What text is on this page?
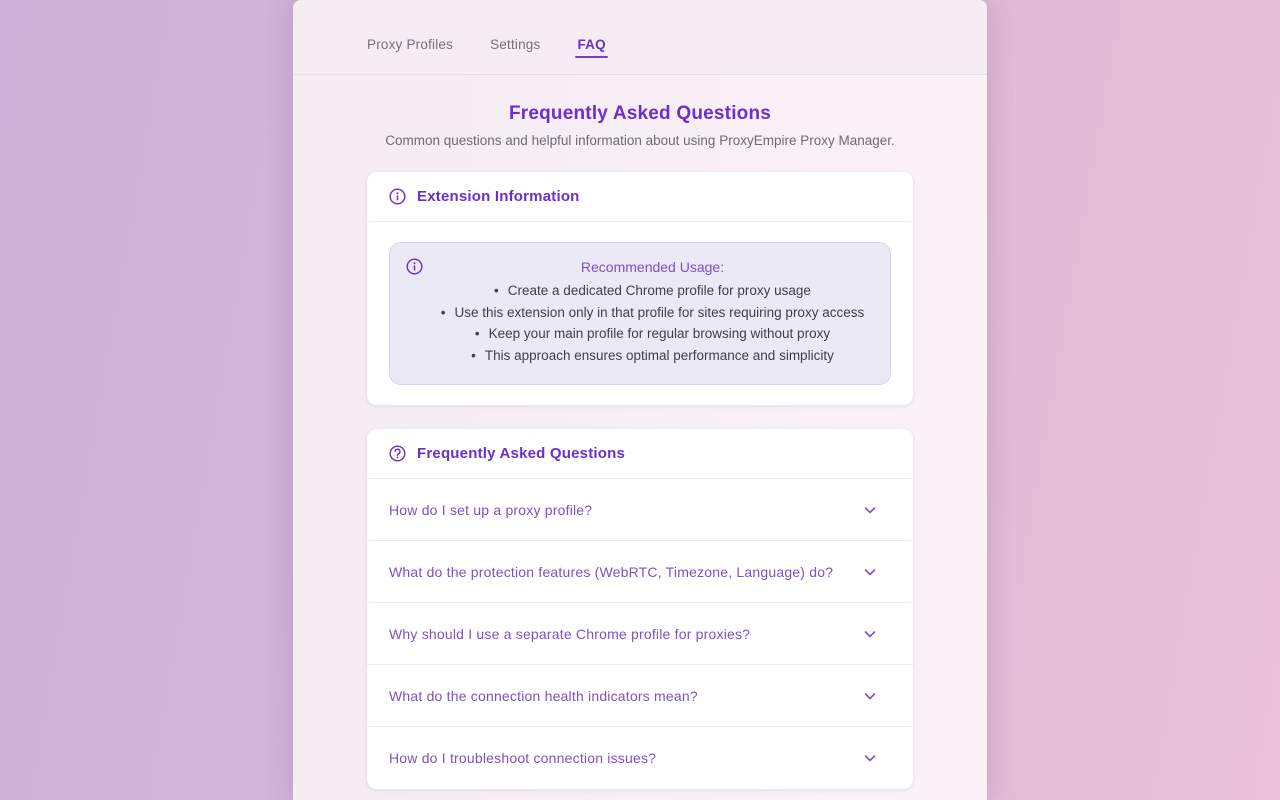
Proxy Profiles	Settings	FAQ
Frequently Asked Questions
Common questions and helpful information about using ProxyEmpire Proxy Manager.
Extension Information
Recommended Usage:
• Create a dedicated Chrome profile for proxy usage
• Use this extension only in that profile for sites requiring proxy access
• Keep your main profile for regular browsing without proxy
• This approach ensures optimal performance and simplicity
Frequently Asked Questions
How do I set up a proxy profile?
What do the protection features (WebRTC, Timezone, Language) do?
Why should I use a separate Chrome profile for proxies?
What do the connection health indicators mean?
How do I troubleshoot connection issues?
